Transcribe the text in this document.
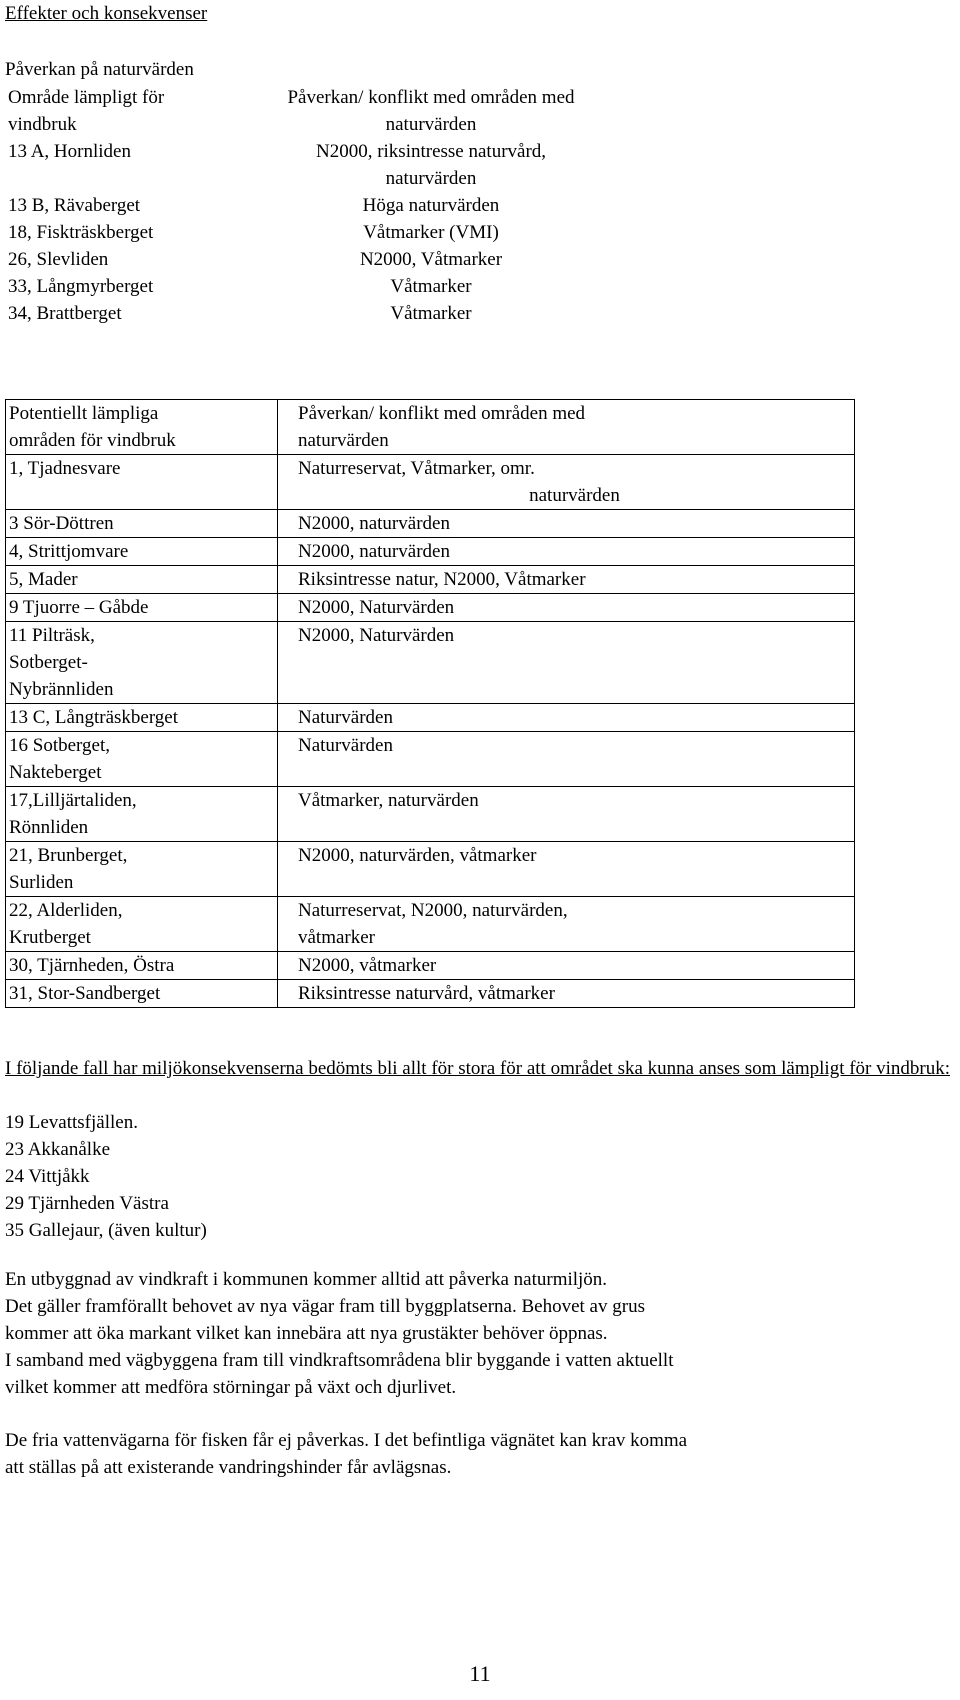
Effekter och konsekvenser
Påverkan på naturvärden
Område lämpligt för
vindbruk	Påverkan/ konflikt med områden med
naturvärden
13 A, Hornliden	N2000, riksintresse naturvård,
naturvärden
13 B, Rävaberget	Höga naturvärden
18, Fiskträskberget	Våtmarker (VMI)
26, Slevliden	N2000, Våtmarker
33, Långmyrberget	Våtmarker
34, Brattberget	Våtmarker
Potentiellt lämpliga
områden för vindbruk	Påverkan/ konflikt med områden med
naturvärden
1, Tjadnesvare	Naturreservat, Våtmarker, omr.
naturvärden

3 Sör-Döttren	N2000, naturvärden
4, Strittjomvare	N2000, naturvärden
5, Mader	Riksintresse natur, N2000, Våtmarker
9 Tjuorre – Gåbde	N2000, Naturvärden
11 Pilträsk,
Sotberget-
Nybrännliden	N2000, Naturvärden
13 C, Långträskberget	Naturvärden
16 Sotberget,
Nakteberget	Naturvärden
17,Lilljärtaliden,
Rönnliden	Våtmarker, naturvärden
21, Brunberget,
Surliden	N2000, naturvärden, våtmarker
22, Alderliden,
Krutberget	Naturreservat, N2000, naturvärden,
våtmarker
30, Tjärnheden, Östra	N2000, våtmarker
31, Stor-Sandberget	Riksintresse naturvård, våtmarker
I följande fall har miljökonsekvenserna bedömts bli allt för stora för att området ska kunna anses som lämpligt för vindbruk:
19 Levattsfjällen.
23 Akkanålke
24 Vittjåkk
29 Tjärnheden Västra
35 Gallejaur, (även kultur)
En utbyggnad av vindkraft i kommunen kommer alltid att påverka naturmiljön.
Det gäller framförallt behovet av nya vägar fram till byggplatserna. Behovet av grus
kommer att öka markant vilket kan innebära att nya grustäkter behöver öppnas.
I samband med vägbyggena fram till vindkraftsområdena blir byggande i vatten aktuellt
vilket kommer att medföra störningar på växt och djurlivet.
De fria vattenvägarna för fisken får ej påverkas. I det befintliga vägnätet kan krav komma
att ställas på att existerande vandringshinder får avlägsnas.
11
